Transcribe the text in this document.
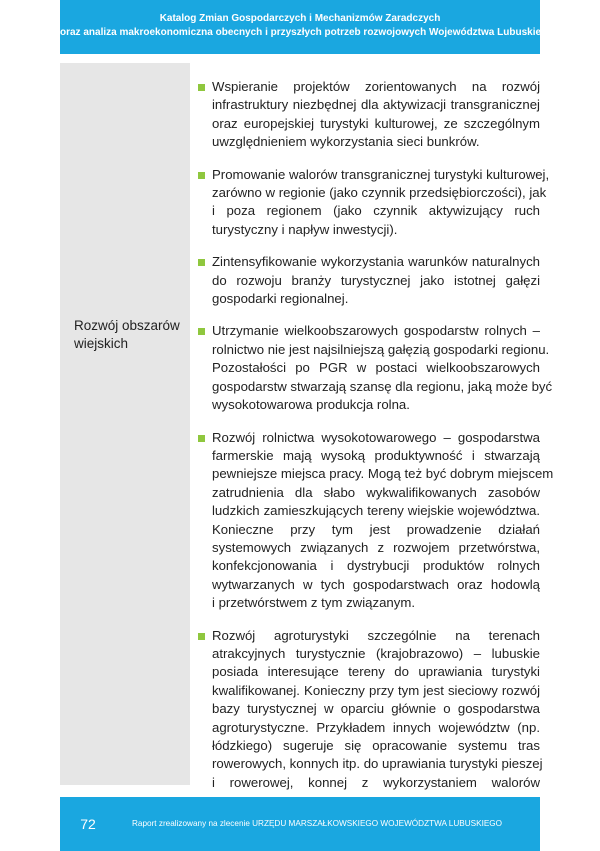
Katalog Zmian Gospodarczych i Mechanizmów Zaradczych
oraz analiza makroekonomiczna obecnych i przyszłych potrzeb rozwojowych Województwa Lubuskiego
Rozwój obszarów
wiejskich
Wspieranie projektów zorientowanych na rozwój
infrastruktury niezbędnej dla aktywizacji transgranicznej
oraz europejskiej turystyki kulturowej, ze szczególnym
uwzględnieniem wykorzystania sieci bunkrów.
Promowanie walorów transgranicznej turystyki kulturowej,
zarówno w regionie (jako czynnik przedsiębiorczości), jak
i poza regionem (jako czynnik aktywizujący ruch
turystyczny i napływ inwestycji).
Zintensyfikowanie wykorzystania warunków naturalnych
do rozwoju branży turystycznej jako istotnej gałęzi
gospodarki regionalnej.
Utrzymanie wielkoobszarowych gospodarstw rolnych –
rolnictwo nie jest najsilniejszą gałęzią gospodarki regionu.
Pozostałości po PGR w postaci wielkoobszarowych
gospodarstw stwarzają szansę dla regionu, jaką może być
wysokotowarowa produkcja rolna.
Rozwój rolnictwa wysokotowarowego – gospodarstwa
farmerskie mają wysoką produktywność i stwarzają
pewniejsze miejsca pracy. Mogą też być dobrym miejscem
zatrudnienia dla słabo wykwalifikowanych zasobów
ludzkich zamieszkujących tereny wiejskie województwa.
Konieczne przy tym jest prowadzenie działań
systemowych związanych z rozwojem przetwórstwa,
konfekcjonowania i dystrybucji produktów rolnych
wytwarzanych w tych gospodarstwach oraz hodowlą
i przetwórstwem z tym związanym.
Rozwój agroturystyki szczególnie na terenach
atrakcyjnych turystycznie (krajobrazowo) – lubuskie
posiada interesujące tereny do uprawiania turystyki
kwalifikowanej. Konieczny przy tym jest sieciowy rozwój
bazy turystycznej w oparciu głównie o gospodarstwa
agroturystyczne. Przykładem innych województw (np.
łódzkiego) sugeruje się opracowanie systemu tras
rowerowych, konnych itp. do uprawiania turystyki pieszej
i rowerowej, konnej z wykorzystaniem walorów
72	Raport zrealizowany na zlecenie URZĘDU MARSZAŁKOWSKIEGO WOJEWÓDZTWA LUBUSKIEGO
